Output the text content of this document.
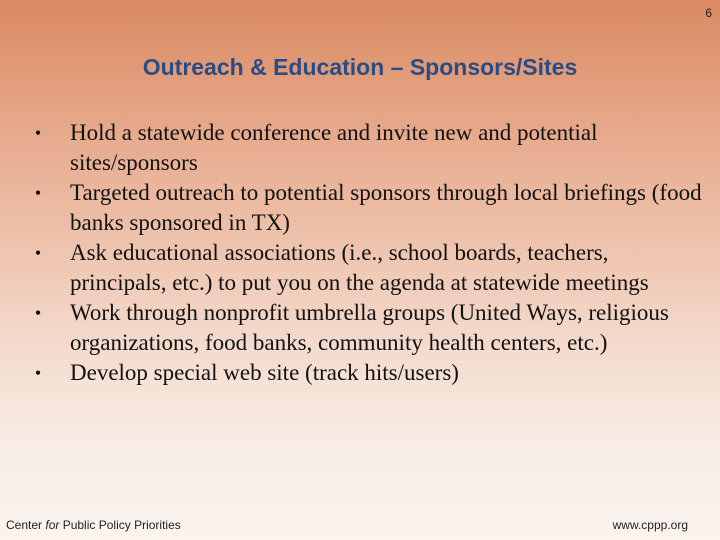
6
Outreach & Education – Sponsors/Sites
• Hold a statewide conference and invite new and potential sites/sponsors
• Targeted outreach to potential sponsors through local briefings (food banks sponsored in TX)
• Ask educational associations (i.e., school boards, teachers, principals, etc.) to put you on the agenda at statewide meetings
• Work through nonprofit umbrella groups (United Ways, religious organizations, food banks, community health centers, etc.)
• Develop special web site (track hits/users)
Center for Public Policy Priorities	www.cppp.org
